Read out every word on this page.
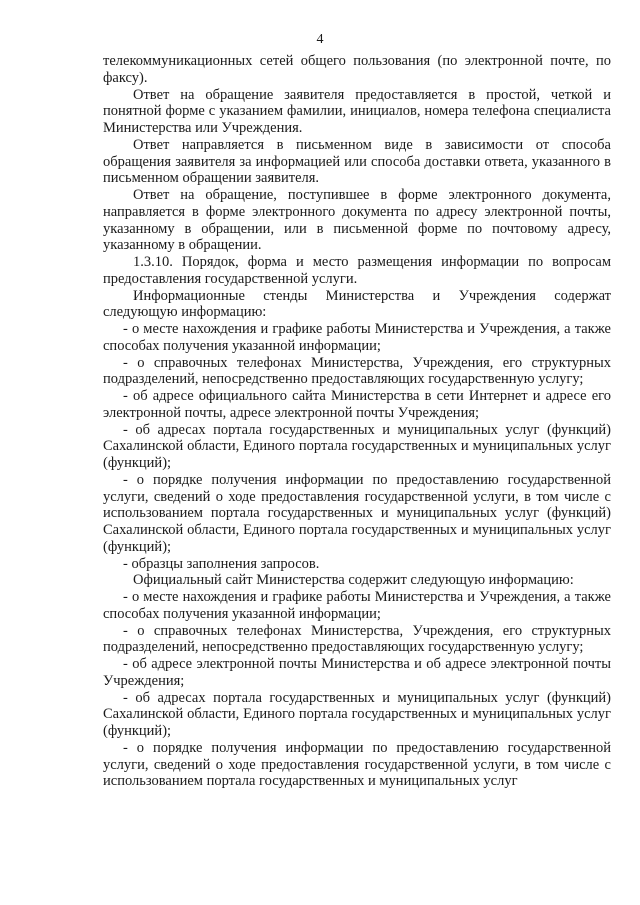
4

телекоммуникационных сетей общего пользования (по электронной почте, по факсу).

Ответ на обращение заявителя предоставляется в простой, четкой и понятной форме с указанием фамилии, инициалов, номера телефона специалиста Министерства или Учреждения.

Ответ направляется в письменном виде в зависимости от способа обращения заявителя за информацией или способа доставки ответа, указанного в письменном обращении заявителя.

Ответ на обращение, поступившее в форме электронного документа, направляется в форме электронного документа по адресу электронной почты, указанному в обращении, или в письменной форме по почтовому адресу, указанному в обращении.

1.3.10. Порядок, форма и место размещения информации по вопросам предоставления государственной услуги.

Информационные стенды Министерства и Учреждения содержат следующую информацию:

- о месте нахождения и графике работы Министерства и Учреждения, а также способах получения указанной информации;

- о справочных телефонах Министерства, Учреждения, его структурных подразделений, непосредственно предоставляющих государственную услугу;

- об адресе официального сайта Министерства в сети Интернет и адресе его электронной почты, адресе электронной почты Учреждения;

- об адресах портала государственных и муниципальных услуг (функций) Сахалинской области, Единого портала государственных и муниципальных услуг (функций);

- о порядке получения информации по предоставлению государственной услуги, сведений о ходе предоставления государственной услуги, в том числе с использованием портала государственных и муниципальных услуг (функций) Сахалинской области, Единого портала государственных и муниципальных услуг (функций);

- образцы заполнения запросов.

Официальный сайт Министерства содержит следующую информацию:

- о месте нахождения и графике работы Министерства и Учреждения, а также способах получения указанной информации;

- о справочных телефонах Министерства, Учреждения, его структурных подразделений, непосредственно предоставляющих государственную услугу;

- об адресе электронной почты Министерства и об адресе электронной почты Учреждения;

- об адресах портала государственных и муниципальных услуг (функций) Сахалинской области, Единого портала государственных и муниципальных услуг (функций);

- о порядке получения информации по предоставлению государственной услуги, сведений о ходе предоставления государственной услуги, в том числе с использованием портала государственных и муниципальных услуг
